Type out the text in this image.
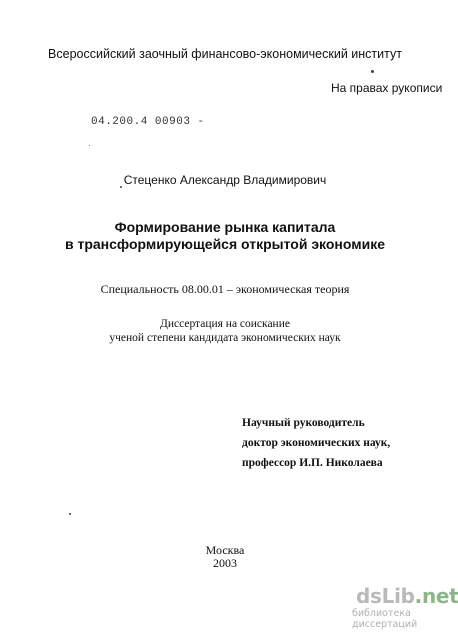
Всероссийский заочный финансово-экономический институт
На правах рукописи
04.200.4 00903 -
Стеценко Александр Владимирович
Формирование рынка капитала
в трансформирующейся открытой экономике
Специальность 08.00.01 – экономическая теория
Диссертация на соискание
ученой степени кандидата экономических наук
Научный руководитель
доктор экономических наук,
профессор И.П. Николаева
Москва
2003
dsLib.net
библиотека диссертаций
